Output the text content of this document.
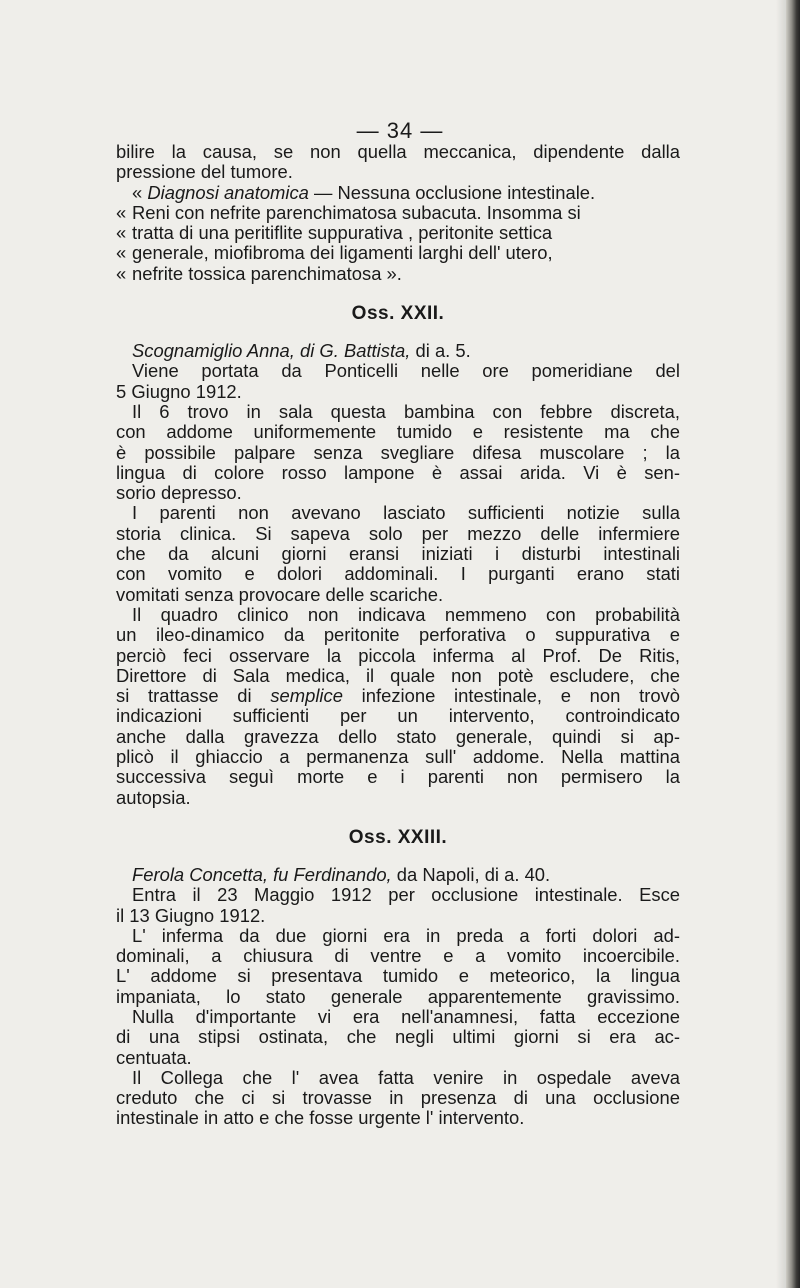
— 34 —
bilire la causa, se non quella meccanica, dipendente dalla
pressione del tumore.
« Diagnosi anatomica — Nessuna occlusione intestinale.
« Reni con nefrite parenchimatosa subacuta. Insomma si
« tratta di una peritiflite suppurativa , peritonite settica
« generale, miofibroma dei ligamenti larghi dell' utero,
« nefrite tossica parenchimatosa ».
Oss. XXII.
Scognamiglio Anna, di G. Battista, di a. 5.
Viene portata da Ponticelli nelle ore pomeridiane del
5 Giugno 1912.
Il 6 trovo in sala questa bambina con febbre discreta,
con addome uniformemente tumido e resistente ma che
è possibile palpare senza svegliare difesa muscolare ; la
lingua di colore rosso lampone è assai arida. Vi è sen-
sorio depresso.
I parenti non avevano lasciato sufficienti notizie sulla
storia clinica. Si sapeva solo per mezzo delle infermiere
che da alcuni giorni eransi iniziati i disturbi intestinali
con vomito e dolori addominali. I purganti erano stati
vomitati senza provocare delle scariche.
Il quadro clinico non indicava nemmeno con probabilità
un ileo-dinamico da peritonite perforativa o suppurativa e
perciò feci osservare la piccola inferma al Prof. De Ritis,
Direttore di Sala medica, il quale non potè escludere, che
si trattasse di semplice infezione intestinale, e non trovò
indicazioni sufficienti per un intervento, controindicato
anche dalla gravezza dello stato generale, quindi si ap-
plicò il ghiaccio a permanenza sull' addome. Nella mattina
successiva seguì morte e i parenti non permisero la
autopsia.
Oss. XXIII.
Ferola Concetta, fu Ferdinando, da Napoli, di a. 40.
Entra il 23 Maggio 1912 per occlusione intestinale. Esce
il 13 Giugno 1912.
L' inferma da due giorni era in preda a forti dolori ad-
dominali, a chiusura di ventre e a vomito incoercibile.
L' addome si presentava tumido e meteorico, la lingua
impaniata, lo stato generale apparentemente gravissimo.
Nulla d'importante vi era nell'anamnesi, fatta eccezione
di una stipsi ostinata, che negli ultimi giorni si era ac-
centuata.
Il Collega che l' avea fatta venire in ospedale aveva
creduto che ci si trovasse in presenza di una occlusione
intestinale in atto e che fosse urgente l' intervento.
